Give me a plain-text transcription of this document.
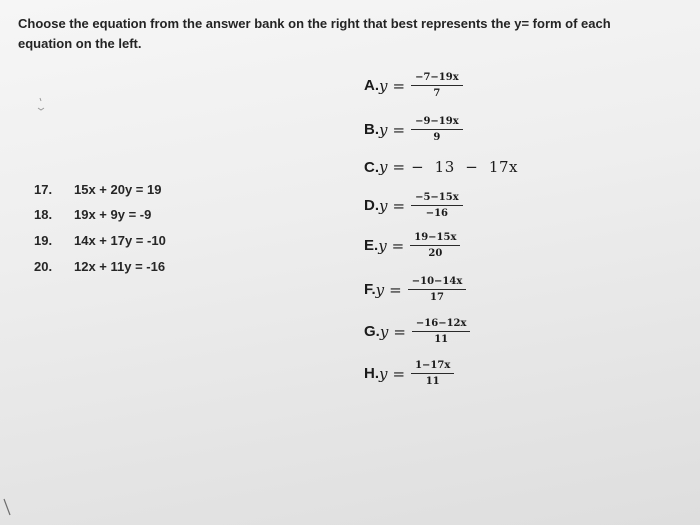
Choose the equation from the answer bank on the right that best represents the y= form of each equation on the left.
17. 15x + 20y = 19
18. 19x + 9y = -9
19. 14x + 17y = -10
20. 12x + 11y = -16
A. $y = \frac{-7-19x}{7}$
B. $y = \frac{-9-19x}{9}$
C. y = −  13  −  17x
D. $y = \frac{-5-15x}{-16}$
E. $y = \frac{19-15x}{20}$
F. $y = \frac{-10-14x}{17}$
G. $y = \frac{-16-12x}{11}$
H. $y = \frac{1-17x}{11}$
